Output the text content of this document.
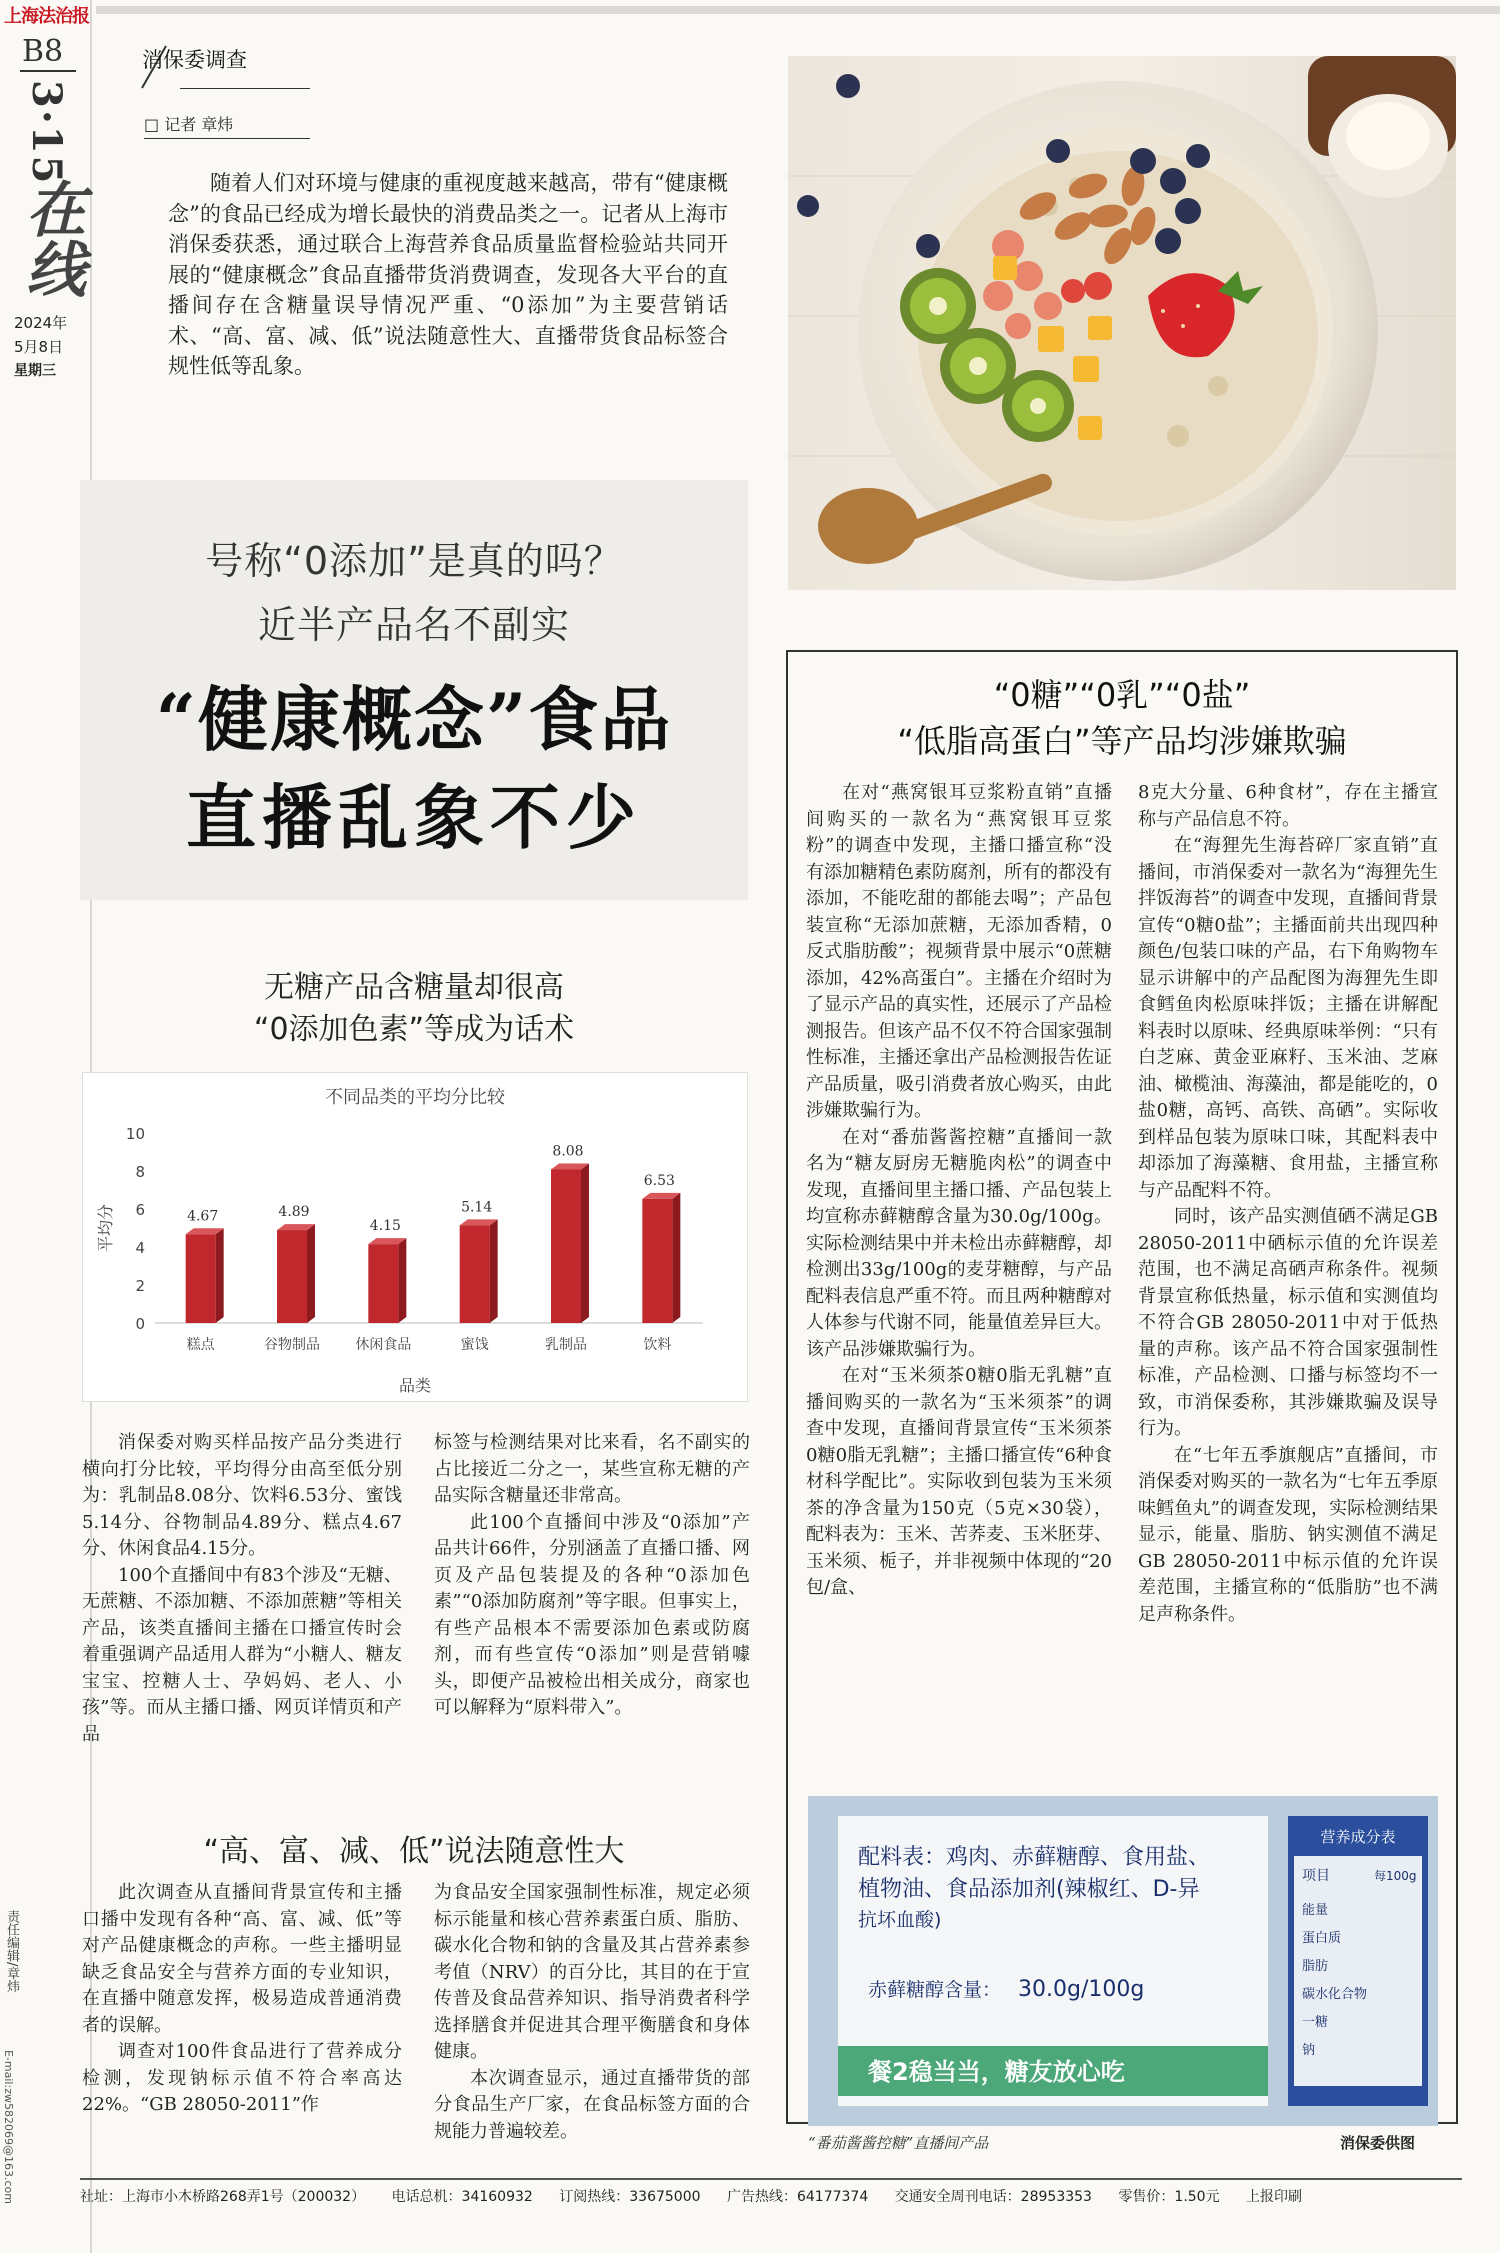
上海法治报
B8
3·15
在线
2024年
5月8日
星期三
责任编辑/章炜
E-mail:zw582069@163.com
消保委调查
□ 记者 章炜
随着人们对环境与健康的重视度越来越高，带有“健康概念”的食品已经成为增长最快的消费品类之一。记者从上海市消保委获悉，通过联合上海营养食品质量监督检验站共同开展的“健康概念”食品直播带货消费调查，发现各大平台的直播间存在含糖量误导情况严重、“0添加”为主要营销话术、“高、富、减、低”说法随意性大、直播带货食品标签合规性低等乱象。
号称“0添加”是真的吗？
近半产品名不副实
“健康概念”食品
直播乱象不少
无糖产品含糖量却很高
“0添加色素”等成为话术
不同品类的平均分比较
平均分
品类
0
2
4
6
8
10
4.67
糕点
4.89
谷物制品
4.15
休闲食品
5.14
蜜饯
8.08
乳制品
6.53
饮料

消保委对购买样品按产品分类进行横向打分比较，平均得分由高至低分别为：乳制品8.08分、饮料6.53分、蜜饯5.14分、谷物制品4.89分、糕点4.67分、休闲食品4.15分。

100个直播间中有83个涉及“无糖、无蔗糖、不添加糖、不添加蔗糖”等相关产品，该类直播间主播在口播宣传时会着重强调产品适用人群为“小糖人、糖友宝宝、控糖人士、孕妈妈、老人、小孩”等。而从主播口播、网页详情页和产品

标签与检测结果对比来看，名不副实的占比接近二分之一，某些宣称无糖的产品实际含糖量还非常高。

此100个直播间中涉及“0添加”产品共计66件，分别涵盖了直播口播、网页及产品包装提及的各种“0添加色素”“0添加防腐剂”等字眼。但事实上，有些产品根本不需要添加色素或防腐剂，而有些宣传“0添加”则是营销噱头，即便产品被检出相关成分，商家也可以解释为“原料带入”。

“高、富、减、低”说法随意性大

此次调查从直播间背景宣传和主播口播中发现有各种“高、富、减、低”等对产品健康概念的声称。一些主播明显缺乏食品安全与营养方面的专业知识，在直播中随意发挥，极易造成普通消费者的误解。

调查对100件食品进行了营养成分检测，发现钠标示值不符合率高达22%。“GB 28050-2011”作

为食品安全国家强制性标准，规定必须标示能量和核心营养素蛋白质、脂肪、碳水化合物和钠的含量及其占营养素参考值（NRV）的百分比，其目的在于宣传普及食品营养知识、指导消费者科学选择膳食并促进其合理平衡膳食和身体健康。

本次调查显示，通过直播带货的部分食品生产厂家，在食品标签方面的合规能力普遍较差。

“0糖”“0乳”“0盐”
“低脂高蛋白”等产品均涉嫌欺骗

在对“燕窝银耳豆浆粉直销”直播间购买的一款名为“燕窝银耳豆浆粉”的调查中发现，主播口播宣称“没有添加糖精色素防腐剂，所有的都没有添加，不能吃甜的都能去喝”；产品包装宣称“无添加蔗糖，无添加香精，0反式脂肪酸”；视频背景中展示“0蔗糖添加，42%高蛋白”。主播在介绍时为了显示产品的真实性，还展示了产品检测报告。但该产品不仅不符合国家强制性标准，主播还拿出产品检测报告佐证产品质量，吸引消费者放心购买，由此涉嫌欺骗行为。

在对“番茄酱酱控糖”直播间一款名为“糖友厨房无糖脆肉松”的调查中发现，直播间里主播口播、产品包装上均宣称赤藓糖醇含量为30.0g/100g。实际检测结果中并未检出赤藓糖醇，却检测出33g/100g的麦芽糖醇，与产品配料表信息严重不符。而且两种糖醇对人体参与代谢不同，能量值差异巨大。该产品涉嫌欺骗行为。

在对“玉米须茶0糖0脂无乳糖”直播间购买的一款名为“玉米须茶”的调查中发现，直播间背景宣传“玉米须茶0糖0脂无乳糖”；主播口播宣传“6种食材科学配比”。实际收到包装为玉米须茶的净含量为150克（5克×30袋），配料表为：玉米、苦荞麦、玉米胚芽、玉米须、栀子，并非视频中体现的“20包/盒、

8克大分量、6种食材”，存在主播宣称与产品信息不符。

在“海狸先生海苔碎厂家直销”直播间，市消保委对一款名为“海狸先生拌饭海苔”的调查中发现，直播间背景宣传“0糖0盐”；主播面前共出现四种颜色/包装口味的产品，右下角购物车显示讲解中的产品配图为海狸先生即食鳕鱼肉松原味拌饭；主播在讲解配料表时以原味、经典原味举例：“只有白芝麻、黄金亚麻籽、玉米油、芝麻油、橄榄油、海藻油，都是能吃的，0盐0糖，高钙、高铁、高硒”。实际收到样品包装为原味口味，其配料表中却添加了海藻糖、食用盐，主播宣称与产品配料不符。

同时，该产品实测值硒不满足GB 28050-2011中硒标示值的允许误差范围，也不满足高硒声称条件。视频背景宣称低热量，标示值和实测值均不符合GB 28050-2011中对于低热量的声称。该产品不符合国家强制性标准，产品检测、口播与标签均不一致，市消保委称，其涉嫌欺骗及误导行为。

在“七年五季旗舰店”直播间，市消保委对购买的一款名为“七年五季原味鳕鱼丸”的调查发现，实际检测结果显示，能量、脂肪、钠实测值不满足GB 28050-2011中标示值的允许误差范围，主播宣称的“低脂肪”也不满足声称条件。

配料表：鸡肉、赤藓糖醇、食用盐、
植物油、食品添加剂(辣椒红、D-异
抗坏血酸)
赤藓糖醇含量： 30.0g/100g
餐2稳当当，糖友放心吃
营养成分表
项目	每100g
能量
蛋白质
脂肪
碳水化合物
一糖
钠
“番茄酱酱控糖”直播间产品	消保委供图
社址：上海市小木桥路268弄1号（200032） 电话总机：34160932 订阅热线：33675000 广告热线：64177374 交通安全周刊电话：28953353 零售价：1.50元 上报印刷
